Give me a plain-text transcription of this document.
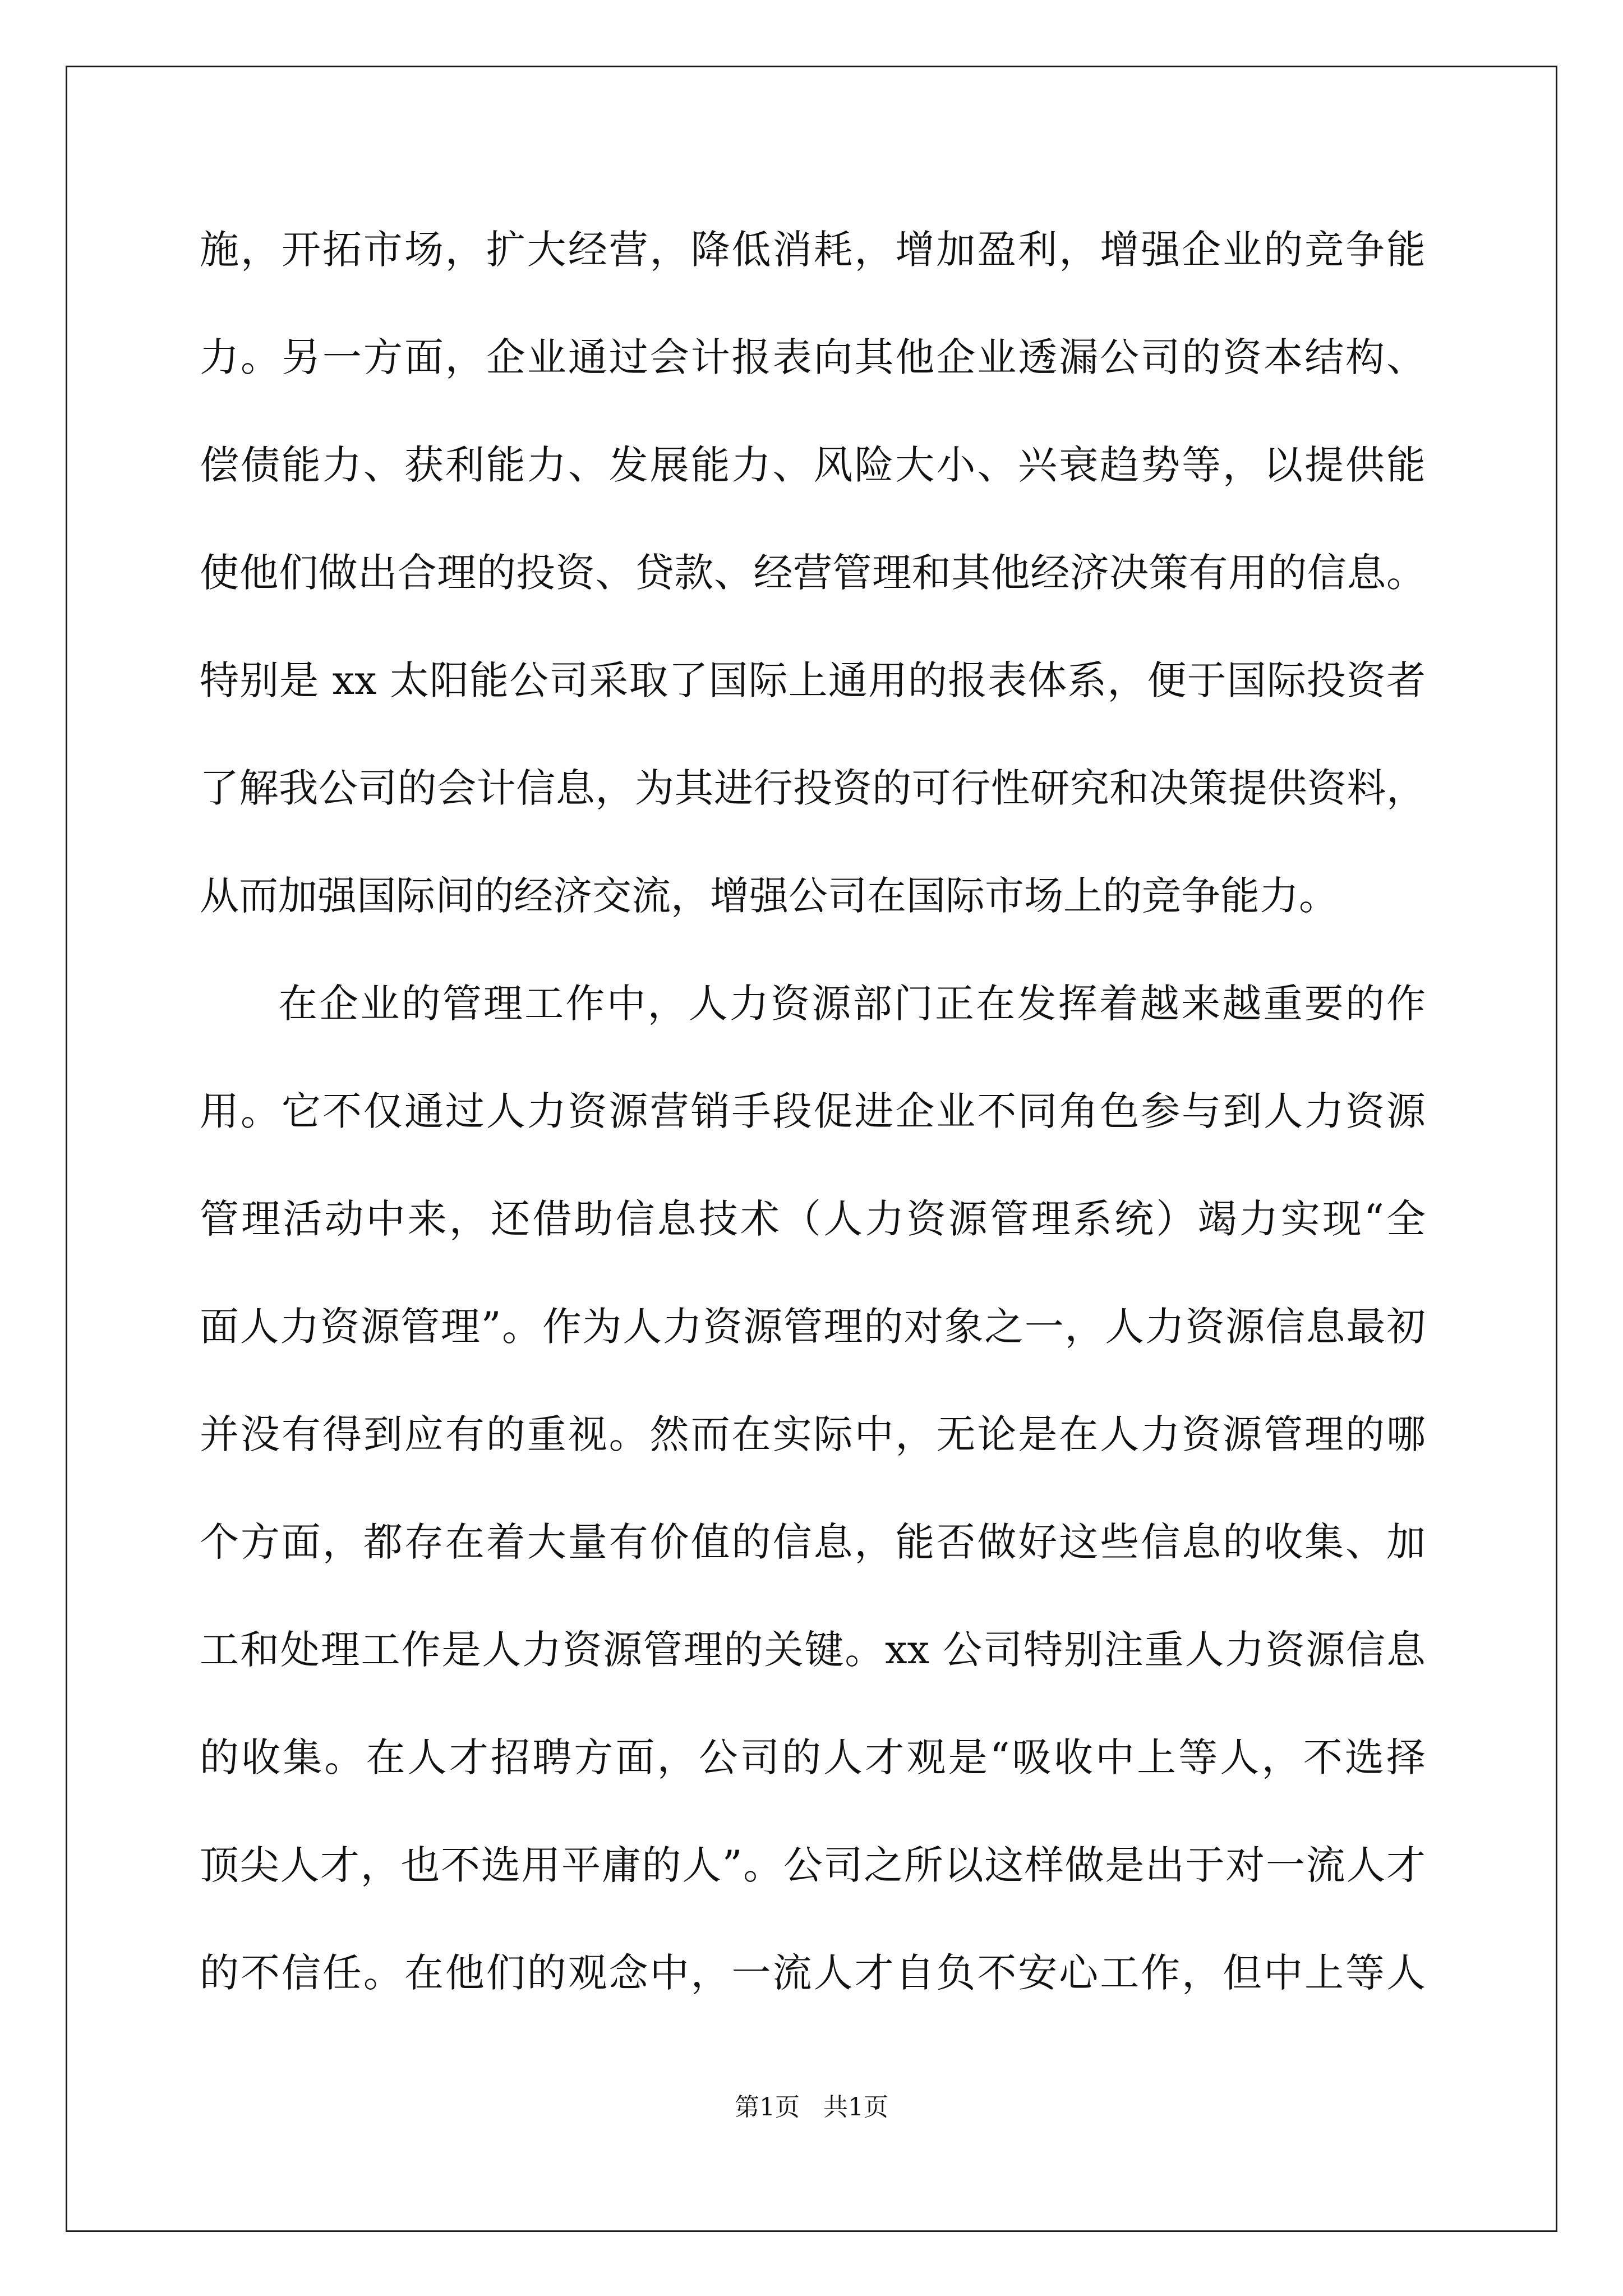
施，开拓市场，扩大经营，降低消耗，增加盈利，增强企业的竞争能
力。另一方面，企业通过会计报表向其他企业透漏公司的资本结构、
偿债能力、获利能力、发展能力、风险大小、兴衰趋势等，以提供能
使他们做出合理的投资、贷款、经营管理和其他经济决策有用的信息。
特别是 xx 太阳能公司采取了国际上通用的报表体系，便于国际投资者
了解我公司的会计信息，为其进行投资的可行性研究和决策提供资料，
从而加强国际间的经济交流，增强公司在国际市场上的竞争能力。
在企业的管理工作中，人力资源部门正在发挥着越来越重要的作
用。它不仅通过人力资源营销手段促进企业不同角色参与到人力资源
管理活动中来，还借助信息技术（人力资源管理系统）竭力实现“全
面人力资源管理”。作为人力资源管理的对象之一，人力资源信息最初
并没有得到应有的重视。然而在实际中，无论是在人力资源管理的哪
个方面，都存在着大量有价值的信息，能否做好这些信息的收集、加
工和处理工作是人力资源管理的关键。xx 公司特别注重人力资源信息
的收集。在人才招聘方面，公司的人才观是“吸收中上等人，不选择
顶尖人才，也不选用平庸的人”。公司之所以这样做是出于对一流人才
的不信任。在他们的观念中，一流人才自负不安心工作，但中上等人
第1页   共1页
